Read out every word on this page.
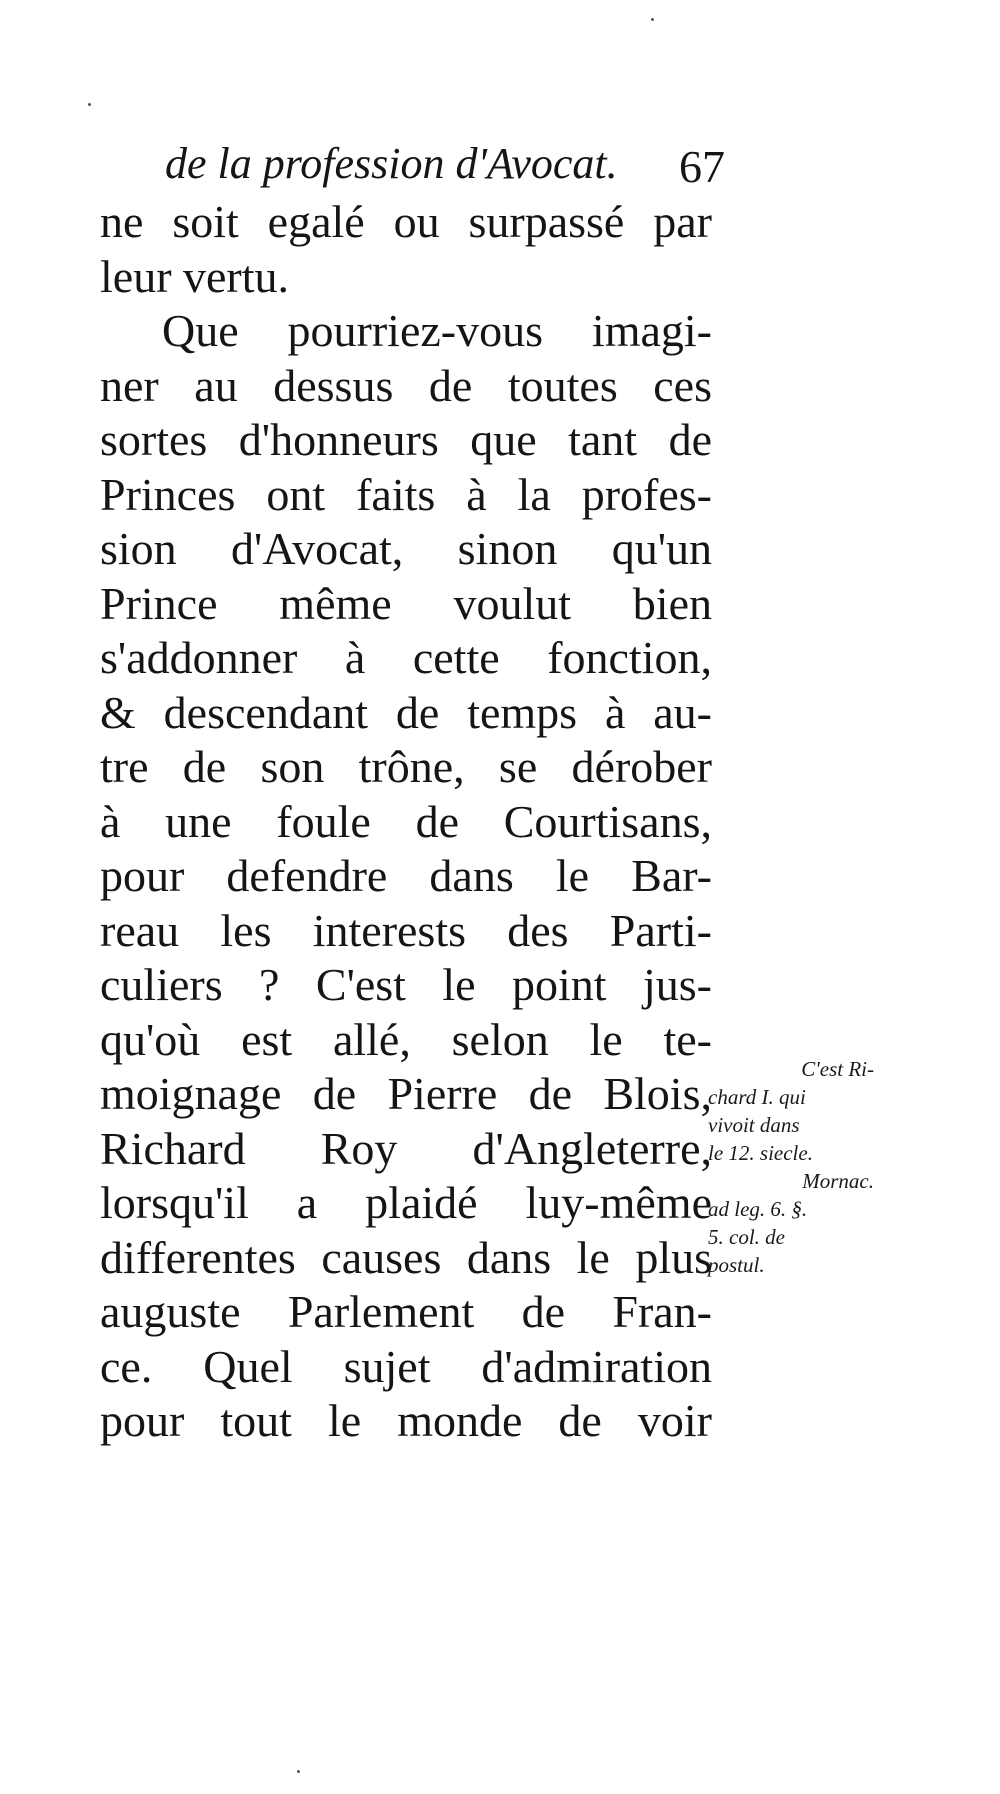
de la profession d'Avocat. 67
ne soit egalé ou surpassé par
leur vertu.
Que pourriez-vous imagi-
ner au dessus de toutes ces
sortes d'honneurs que tant de
Princes ont faits à la profes-
sion d'Avocat, sinon qu'un
Prince même voulut bien
s'addonner à cette fonction,
& descendant de temps à au-
tre de son trône, se dérober
à une foule de Courtisans,
pour defendre dans le Bar-
reau les interests des Parti-
culiers ? C'est le point jus-
qu'où est allé, selon le te-
moignage de Pierre de Blois,
Richard Roy d'Angleterre,
lorsqu'il a plaidé luy-même
differentes causes dans le plus
auguste Parlement de Fran-
ce. Quel sujet d'admiration
pour tout le monde de voir
C'est Ri-
chard I. qui
vivoit dans
le 12. siecle.
Mornac.
ad leg. 6. §.
5. col. de
postul.
